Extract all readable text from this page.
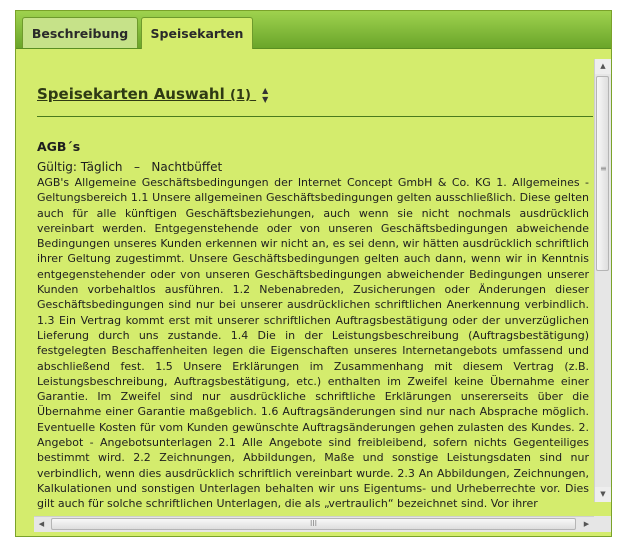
Beschreibung	Speisekarten
Speisekarten Auswahl (1) ▲
▼
AGB´s
Gültig: Täglich   –   Nachtbüffet

AGB's Allgemeine Geschäftsbedingungen der Internet Concept GmbH & Co. KG 1. Allgemeines - Geltungsbereich 1.1 Unsere allgemeinen Geschäftsbedingungen gelten ausschließlich. Diese gelten auch für alle künftigen Geschäftsbeziehungen, auch wenn sie nicht nochmals ausdrücklich vereinbart werden. Entgegenstehende oder von unseren Geschäftsbedingungen abweichende Bedingungen unseres Kunden erkennen wir nicht an, es sei denn, wir hätten ausdrücklich schriftlich ihrer Geltung zugestimmt. Unsere Geschäftsbedingungen gelten auch dann, wenn wir in Kenntnis entgegenstehender oder von unseren Geschäftsbedingungen abweichender Bedingungen unserer Kunden vorbehaltlos ausführen. 1.2 Nebenabreden, Zusicherungen oder Änderungen dieser Geschäftsbedingungen sind nur bei unserer ausdrücklichen schriftlichen Anerkennung verbindlich. 1.3 Ein Vertrag kommt erst mit unserer schriftlichen Auftragsbestätigung oder der unverzüglichen Lieferung durch uns zustande. 1.4 Die in der Leistungsbeschreibung (Auftragsbestätigung) festgelegten Beschaffenheiten legen die Eigenschaften unseres Internetangebots umfassend und abschließend fest. 1.5 Unsere Erklärungen im Zusammenhang mit diesem Vertrag (z.B. Leistungsbeschreibung, Auftragsbestätigung, etc.) enthalten im Zweifel keine Übernahme einer Garantie. Im Zweifel sind nur ausdrückliche schriftliche Erklärungen unsererseits über die Übernahme einer Garantie maßgeblich. 1.6 Auftragsänderungen sind nur nach Absprache möglich. Eventuelle Kosten für vom Kunden gewünschte Auftragsänderungen gehen zulasten des Kundes. 2. Angebot - Angebotsunterlagen 2.1 Alle Angebote sind freibleibend, sofern nichts Gegenteiliges bestimmt wird. 2.2 Zeichnungen, Abbildungen, Maße und sonstige Leistungsdaten sind nur verbindlich, wenn dies ausdrücklich schriftlich vereinbart wurde. 2.3 An Abbildungen, Zeichnungen, Kalkulationen und sonstigen Unterlagen behalten wir uns Eigentums- und Urheberrechte vor. Dies gilt auch für solche schriftlichen Unterlagen, die als „vertraulich“ bezeichnet sind. Vor ihrer

▲
≡
▼
◀	III	▶
